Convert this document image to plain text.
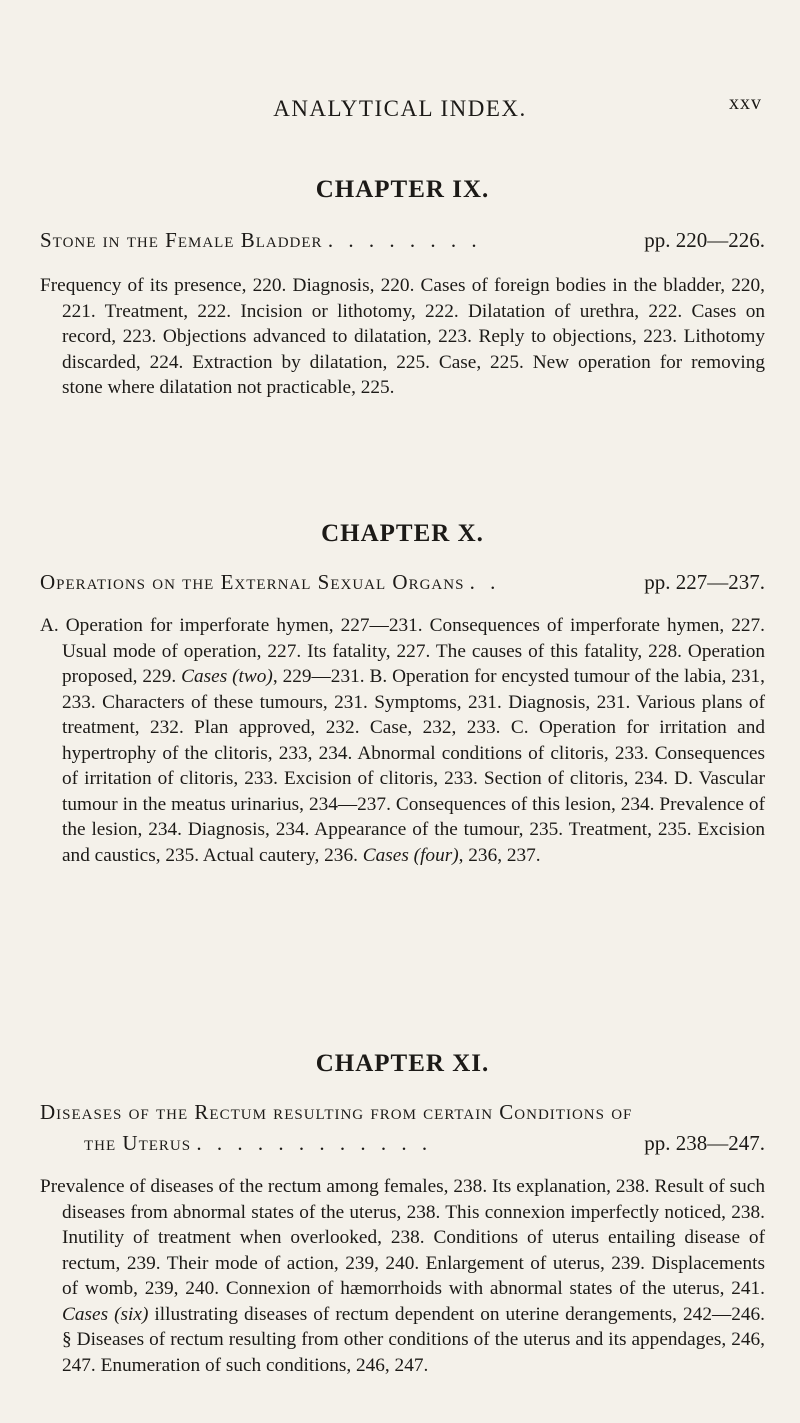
ANALYTICAL INDEX.	xxv
CHAPTER IX.

Stone in the Female Bladder . . . . . . . .	pp. 220—226.

Frequency of its presence, 220. Diagnosis, 220. Cases of foreign bodies in the bladder, 220, 221. Treatment, 222. Incision or lithotomy, 222. Dilatation of urethra, 222. Cases on record, 223. Objections advanced to dilatation, 223. Reply to objections, 223. Lithotomy discarded, 224. Extraction by dilatation, 225. Case, 225. New operation for removing stone where dilatation not practicable, 225.

CHAPTER X.

Operations on the External Sexual Organs . .	pp. 227—237.

A. Operation for imperforate hymen, 227—231. Consequences of imperforate hymen, 227. Usual mode of operation, 227. Its fatality, 227. The causes of this fatality, 228. Operation proposed, 229. Cases (two), 229—231. B. Operation for encysted tumour of the labia, 231, 233. Characters of these tumours, 231. Symptoms, 231. Diagnosis, 231. Various plans of treatment, 232. Plan approved, 232. Case, 232, 233. C. Operation for irritation and hypertrophy of the clitoris, 233, 234. Abnormal conditions of clitoris, 233. Consequences of irritation of clitoris, 233. Excision of clitoris, 233. Section of clitoris, 234. D. Vascular tumour in the meatus urinarius, 234—237. Consequences of this lesion, 234. Prevalence of the lesion, 234. Diagnosis, 234. Appearance of the tumour, 235. Treatment, 235. Excision and caustics, 235. Actual cautery, 236. Cases (four), 236, 237.

CHAPTER XI.

Diseases of the Rectum resulting from certain Conditions of

the Uterus . . . . . . . . . . . .	pp. 238—247.

Prevalence of diseases of the rectum among females, 238. Its explanation, 238. Result of such diseases from abnormal states of the uterus, 238. This connexion imperfectly noticed, 238. Inutility of treatment when overlooked, 238. Conditions of uterus entailing disease of rectum, 239. Their mode of action, 239, 240. Enlargement of uterus, 239. Displacements of womb, 239, 240. Connexion of hæmorrhoids with abnormal states of the uterus, 241. Cases (six) illustrating diseases of rectum dependent on uterine derangements, 242—246. § Diseases of rectum resulting from other conditions of the uterus and its appendages, 246, 247. Enumeration of such conditions, 246, 247.
